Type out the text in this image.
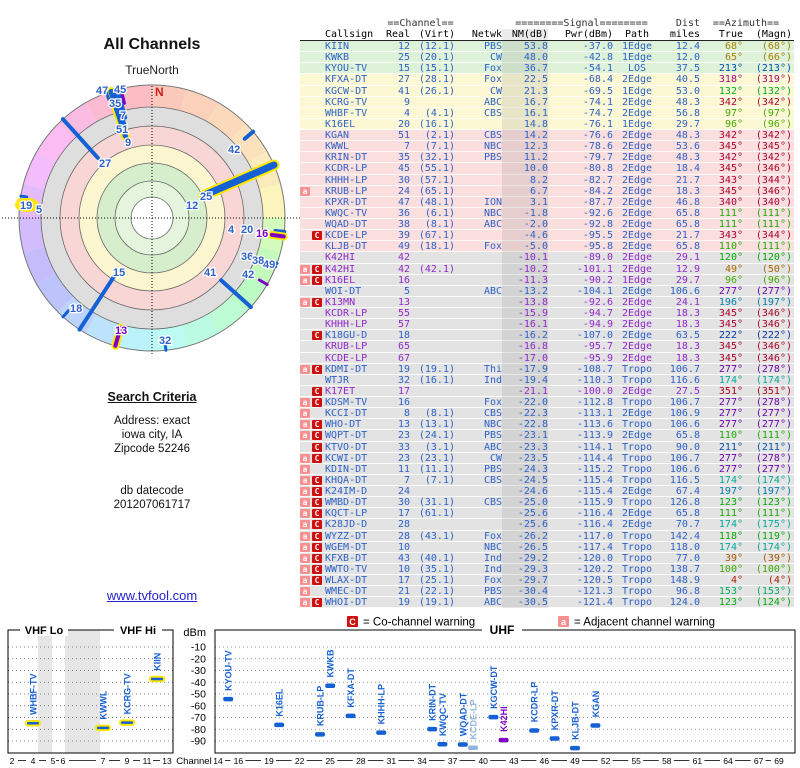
All Channels
TrueNorth
N
47 45
35
7
51
9
27
42
25
12
19 5
4 20 16
36
38
49
42
41
15
18
13
32
Search Criteria
Address: exact
iowa city, IA
Zipcode 52246
db datecode
201207061717
www.tvfool.com
==Channel==	========Signal========	Dist	==Azimuth==
Callsign	Real (Virt)	Netwk NM(dB)	Pwr(dBm)	Path	miles	True	(Magn)
KIIN	12 (12.1)	PBS	53.8	-37.0 1Edge	12.4	68°	(68°)
KWKB	25 (20.1)	CW	48.0	-42.8 1Edge	12.0	65°	(66°)
KYOU-TV	15 (15.1)	Fox	36.7	-54.1	LOS	37.5	213°	(213°)
KFXA-DT	27 (28.1)	Fox	22.5	-68.4 2Edge	40.5	318°	(319°)
KGCW-DT	41 (26.1)	CW	21.3	-69.5 1Edge	53.0	132°	(132°)
KCRG-TV	9	ABC	16.7	-74.1 2Edge	48.3	342°	(342°)
WHBF-TV	4	(4.1)	CBS	16.1	-74.7 2Edge	56.8	97°	(97°)
K16EL	20 (16.1)	14.8	-76.1 1Edge	29.7	96°	(96°)
KGAN	51	(2.1)	CBS	14.2	-76.6 2Edge	48.3	342°	(342°)
KWWL	7	(7.1)	NBC	12.3	-78.6 2Edge	53.6	345°	(345°)
KRIN-DT	35 (32.1)	PBS	11.2	-79.7 2Edge	48.3	342°	(342°)
KCDR-LP	45 (55.1)	10.0	-80.8 2Edge	18.4	345°	(346°)
KHHH-LP	30 (57.1)	8.2	-82.7 2Edge	21.7	343°	(344°)
a	KRUB-LP	24 (65.1)	6.7	-84.2 2Edge	18.3	345°	(346°)
KPXR-DT	47 (48.1)	ION	3.1	-87.7 2Edge	46.8	340°	(340°)
KWQC-TV	36	(6.1)	NBC	-1.8	-92.6 2Edge	65.8	111°	(111°)
WQAD-DT	38	(8.1)	ABC	-2.0	-92.8 2Edge	65.8	111°	(111°)
C KCDE-LP	39 (67.1)	-4.6	-95.5 2Edge	21.7	343°	(344°)
KLJB-DT	49 (18.1)	Fox	-5.0	-95.8 2Edge	65.8	110°	(111°)
K42HI	42	-10.1	-89.0 2Edge	29.1	120°	(120°)
a C K42HI	42 (42.1)	-10.2	-101.1 2Edge	12.9	49°	(50°)
a C K16EL	16	-11.3	-90.2 1Edge	29.7	96°	(96°)
WOI-DT	5	ABC	-13.2	-104.1 2Edge	106.6	277°	(277°)
a C K13MN	13	-13.8	-92.6 2Edge	24.1	196°	(197°)
KCDR-LP	55	-15.9	-94.7 2Edge	18.3	345°	(346°)
KHHH-LP	57	-16.1	-94.9 2Edge	18.3	345°	(346°)
C K18GU-D	18	-16.2	-107.0 2Edge	63.5	222°	(222°)
KRUB-LP	65	-16.8	-95.7 2Edge	18.3	345°	(346°)
KCDE-LP	67	-17.0	-95.9 2Edge	18.3	345°	(346°)
a C KDMI-DT	19 (19.1)	Thi	-17.9	-108.7 Tropo	106.7	277°	(278°)
WTJR	32 (16.1)	Ind	-19.4	-110.3 Tropo	116.6	174°	(174°)
C K17ET	17	-21.1	-100.0 2Edge	27.5	351°	(351°)
a C KDSM-TV	16	Fox	-22.0	-112.8 Tropo	106.7	277°	(278°)
a	KCCI-DT	8	(8.1)	CBS	-22.3	-113.1 2Edge	106.9	277°	(277°)
a C WHO-DT	13 (13.1)	NBC	-22.8	-113.6 Tropo	106.6	277°	(277°)
a C WQPT-DT	23 (24.1)	PBS	-23.1	-113.9 2Edge	65.8	110°	(111°)
C KTVO-DT	33	(3.1)	ABC	-23.3	-114.1 Tropo	90.0	211°	(211°)
a C KCWI-DT	23 (23.1)	CW	-23.5	-114.4 Tropo	106.7	277°	(278°)
a	KDIN-DT	11 (11.1)	PBS	-24.3	-115.2 Tropo	106.6	277°	(277°)
a C KHQA-DT	7	(7.1)	CBS	-24.5	-115.4 Tropo	116.5	174°	(174°)
a C K24IM-D	24	-24.6	-115.4 2Edge	67.4	197°	(197°)
a C WMBD-DT	30 (31.1)	CBS	-25.0	-115.9 Tropo	126.8	123°	(123°)
a C KQCT-LP	17 (61.1)	-25.6	-116.4 2Edge	65.8	111°	(111°)
a C K28JD-D	28	-25.6	-116.4 2Edge	70.7	174°	(175°)
a C WYZZ-DT	28 (43.1)	Fox	-26.2	-117.0 Tropo	142.4	118°	(119°)
a C WGEM-DT	10	NBC	-26.5	-117.4 Tropo	118.0	174°	(174°)
a C KFXB-DT	43 (40.1)	Ind	-29.2	-120.0 Tropo	77.0	39°	(39°)
a C WWTO-TV	10 (35.1)	Ind	-29.3	-120.2 Tropo	138.7	100°	(100°)
a C WLAX-DT	17 (25.1)	Fox	-29.7	-120.5 Tropo	148.9	4°	(4°)
a	WMEC-DT	21 (22.1)	PBS	-30.4	-121.3 Tropo	96.8	153°	(153°)
a C WHOI-DT	19 (19.1)	ABC	-30.5	-121.4 Tropo	124.0	123°	(124°)
C = Co-channel warning	a = Adjacent channel warning
-10
-20
-30
-40
-50
-60
-70
-80
-90
dBm
VHF Lo	VHF Hi	UHF
2 4 5 6	7 9 11 13	14 16 19 22 25 28 31 34 37 40 43 46 49 52 55 58 61 64 67 69
Channel
WHBF-TV	KWWL KCRG-TV
KIIN	KYOU-TV
K16EL	KRUB-LP
KWKB
KFXA-DT KHHH-LP	KRIN-DT KWQC-TV WQAD-DT KCDE-LP
KGCW-DT
K42HI KCDR-LP KPXR-DT KLJB-DT KGAN
